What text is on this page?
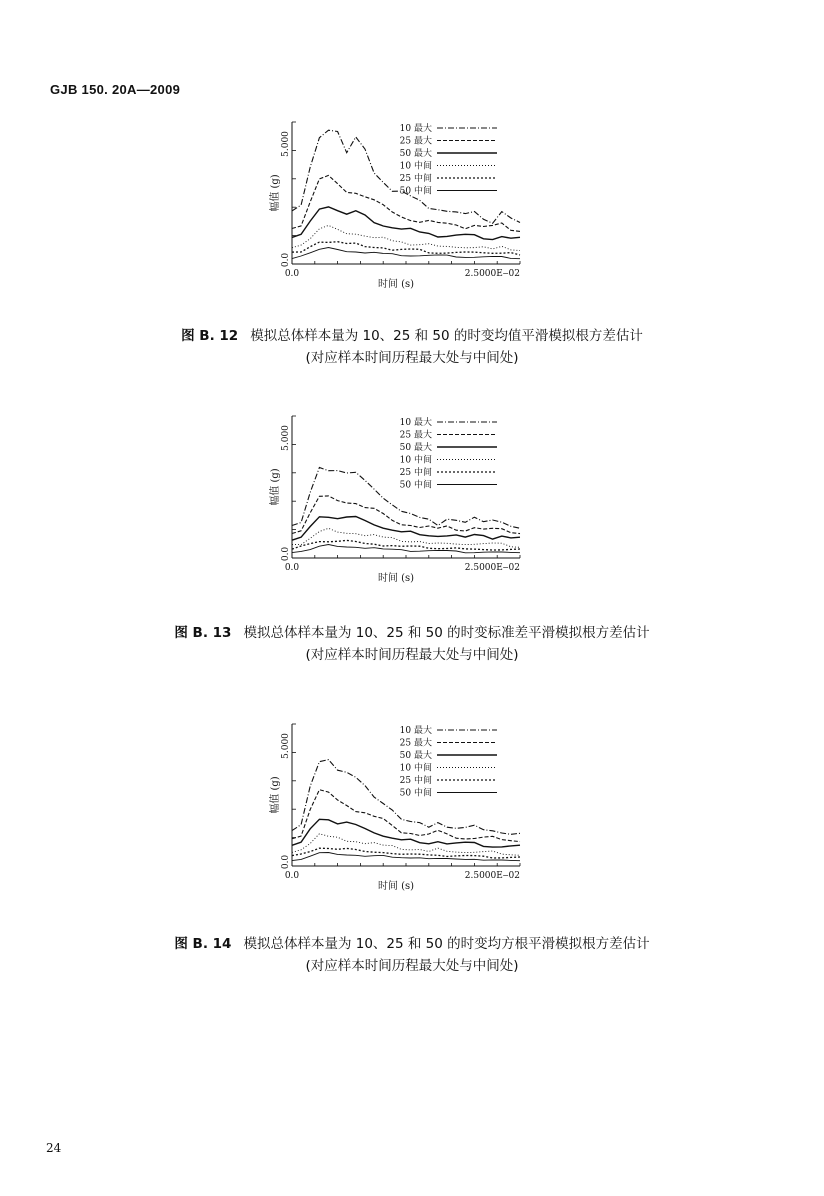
GJB 150. 20A—2009
5.000
0.0
幅值 (g)
0.0	2.5000E‒02
时间 (s)
10 最大
25 最大
50 最大
10 中间
25 中间
50 中间
图 B. 12 模拟总体样本量为 10、25 和 50 的时变均值平滑模拟根方差估计
(对应样本时间历程最大处与中间处)
5.000
0.0
幅值 (g)
0.0	2.5000E‒02
时间 (s)
10 最大
25 最大
50 最大
10 中间
25 中间
50 中间
图 B. 13 模拟总体样本量为 10、25 和 50 的时变标准差平滑模拟根方差估计
(对应样本时间历程最大处与中间处)
5.000
0.0
幅值 (g)
0.0	2.5000E‒02
时间 (s)
10 最大
25 最大
50 最大
10 中间
25 中间
50 中间
图 B. 14 模拟总体样本量为 10、25 和 50 的时变均方根平滑模拟根方差估计
(对应样本时间历程最大处与中间处)
24
